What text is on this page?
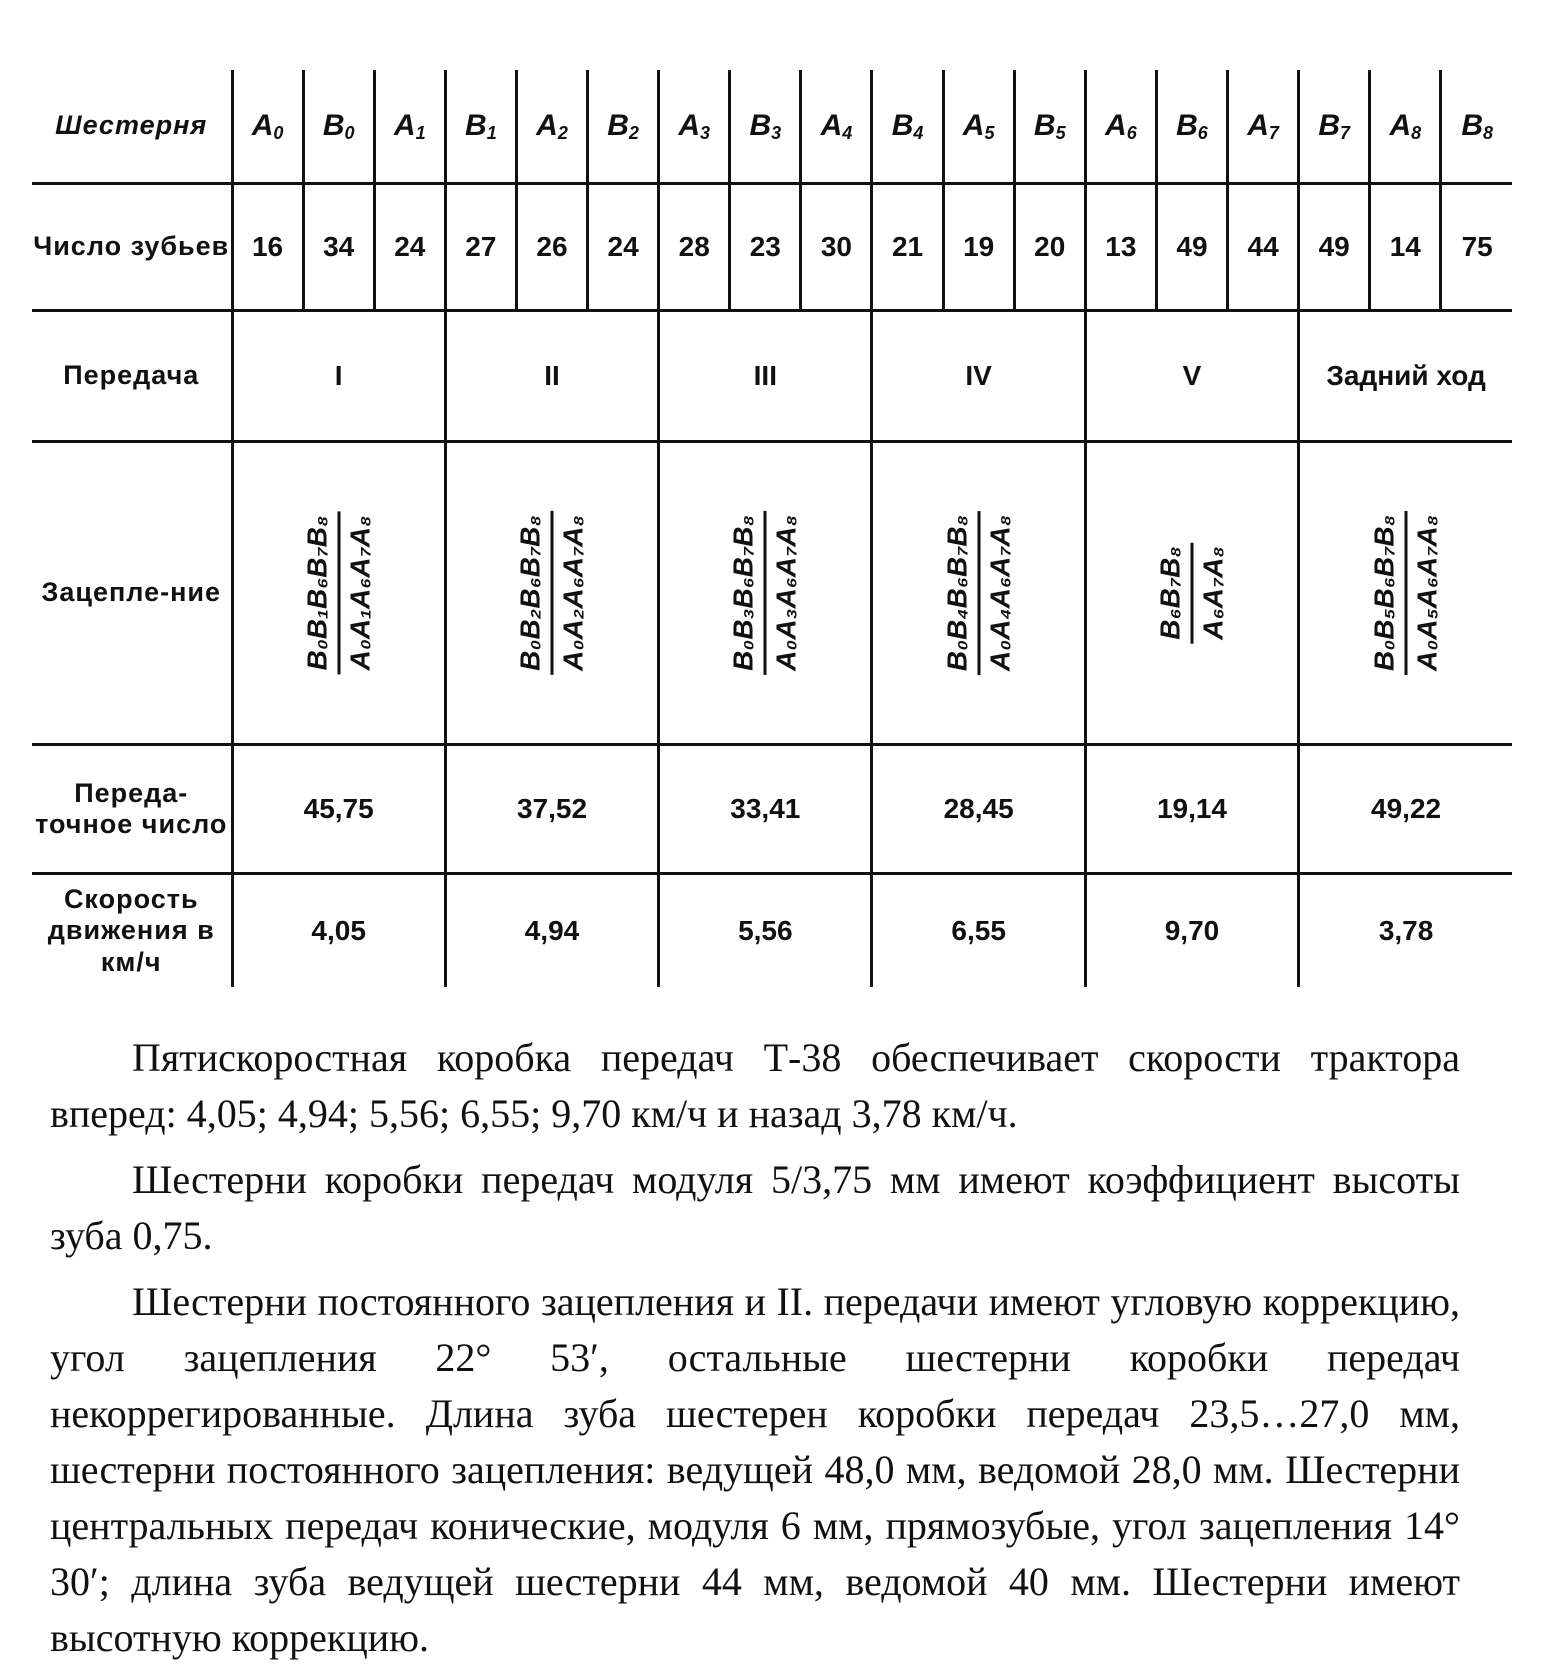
Шестерня	$A_0$	$B_0$	$A_1$	$B_1$	$A_2$	$B_2$	$A_3$	$B_3$	$A_4$	$B_4$	$A_5$	$B_5$	$A_6$	$B_6$	$A_7$	$B_7$	$A_8$	$B_8$
Число зубьев	16	34	24	27	26	24	28	23	30	21	19	20	13	49	44	49	14	75
Передача	I			II			III			IV			V			Задний ход		
Зацепле-ние	B₀B₁B₆B₇B₈ A₀A₁A₆A₇A₈			B₀B₂B₆B₇B₈ A₀A₂A₆A₇A₈			B₀B₃B₆B₇B₈ A₀A₃A₆A₇A₈			B₀B₄B₆B₇B₈ A₀A₄A₆A₇A₈			B₆B₇B₈ A₆A₇A₈			B₀B₅B₆B₇B₈ A₀A₅A₆A₇A₈		

Переда-точное число	45,75			37,52			33,41			28,45			19,14			49,22		
Скорость движения в км/ч	4,05			4,94			5,56			6,55			9,70			3,78		

Пятискоростная коробка передач Т-38 обеспечивает скорости трактора вперед: 4,05; 4,94; 5,56; 6,55; 9,70 км/ч и назад 3,78 км/ч.

Шестерни коробки передач модуля 5/3,75 мм имеют коэффициент высоты зуба 0,75.

Шестерни постоянного зацепления и II. передачи имеют угловую коррекцию, угол зацепления 22° 53′, остальные шестерни коробки передач некоррегированные. Длина зуба шестерен коробки передач 23,5…27,0 мм, шестерни постоянного зацепления: ведущей 48,0 мм, ведомой 28,0 мм. Шестерни центральных передач конические, модуля 6 мм, прямозубые, угол зацепления 14° 30′; длина зуба ведущей шестерни 44 мм, ведомой 40 мм. Шестерни имеют высотную коррекцию.
